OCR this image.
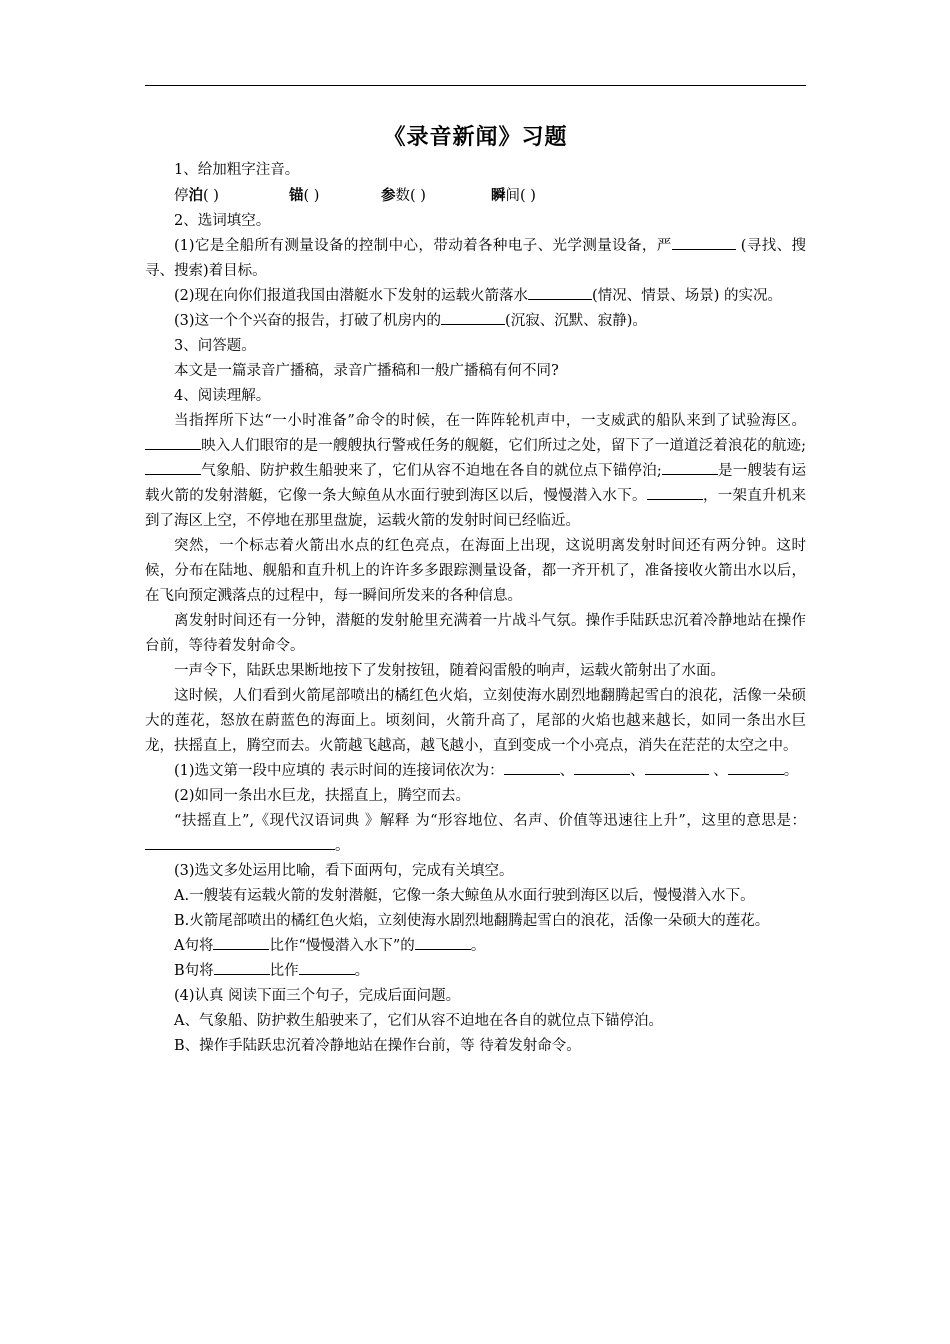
《录音新闻》习题

1、给加粗字注音。

停泊( )	锚( )	参数( )	瞬间( )

2、选词填空。

(1)它是全船所有测量设备的控制中心，带动着各种电子、光学测量设备，严	(寻找、搜寻、搜索)着目标。

(2)现在向你们报道我国由潜艇水下发射的运载火箭落水	(情况、情景、场景) 的实况。

(3)这一个个兴奋的报告，打破了机房内的	(沉寂、沉默、寂静)。

3、问答题。

本文是一篇录音广播稿，录音广播稿和一般广播稿有何不同?

4、阅读理解。

当指挥所下达“一小时准备”命令的时候，在一阵阵轮机声中，一支威武的船队来到了试验海区。映入人们眼帘的是一艘艘执行警戒任务的舰艇，它们所过之处，留下了一道道泛着浪花的航迹;气象船、防护救生船驶来了，它们从容不迫地在各自的就位点下锚停泊;	是一艘装有运载火箭的发射潜艇，它像一条大鲸鱼从水面行驶到海区以后，慢慢潜入水下。	，一架直升机来到了海区上空，不停地在那里盘旋，运载火箭的发射时间已经临近。

突然，一个标志着火箭出水点的红色亮点，在海面上出现，这说明离发射时间还有两分钟。这时候，分布在陆地、舰船和直升机上的许许多多跟踪测量设备，都一齐开机了，准备接收火箭出水以后，在飞向预定溅落点的过程中，每一瞬间所发来的各种信息。

离发射时间还有一分钟，潜艇的发射舱里充满着一片战斗气氛。操作手陆跃忠沉着冷静地站在操作台前，等待着发射命令。

一声令下，陆跃忠果断地按下了发射按钮，随着闷雷般的响声，运载火箭射出了水面。

这时候，人们看到火箭尾部喷出的橘红色火焰，立刻使海水剧烈地翻腾起雪白的浪花，活像一朵硕大的莲花，怒放在蔚蓝色的海面上。顷刻间，火箭升高了，尾部的火焰也越来越长，如同一条出水巨龙，扶摇直上，腾空而去。火箭越飞越高，越飞越小，直到变成一个小亮点，消失在茫茫的太空之中。

(1)选文第一段中应填的 表示时间的连接词依次为：	、	、	、	。

(2)如同一条出水巨龙，扶摇直上，腾空而去。

“扶摇直上”,《现代汉语词典 》解释 为“形容地位、名声、价值等迅速往上升”，这里的意思是：。

(3)选文多处运用比喻，看下面两句，完成有关填空。

A.一艘装有运载火箭的发射潜艇，它像一条大鲸鱼从水面行驶到海区以后，慢慢潜入水下。

B.火箭尾部喷出的橘红色火焰，立刻使海水剧烈地翻腾起雪白的浪花，活像一朵硕大的莲花。

A句将	比作“慢慢潜入水下”的	。

B句将	比作	。

(4)认真 阅读下面三个句子，完成后面问题。

A、气象船、防护救生船驶来了，它们从容不迫地在各自的就位点下锚停泊。

B、操作手陆跃忠沉着冷静地站在操作台前，等 待着发射命令。
